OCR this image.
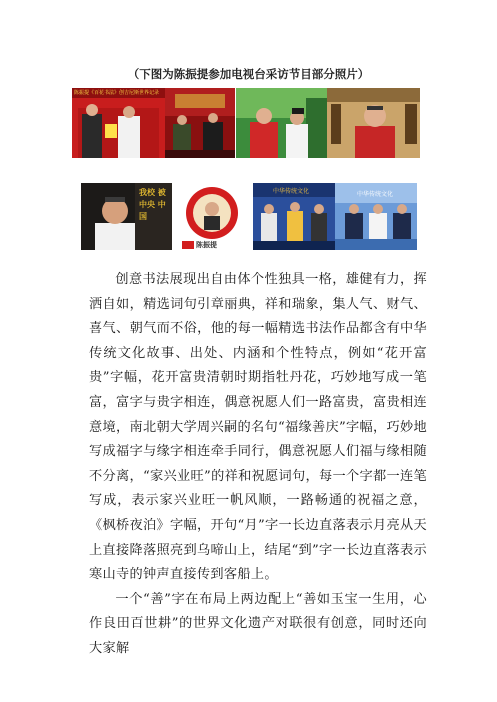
（下图为陈振提参加电视台采访节目部分照片）
陈振提《百花书法》创吉尼斯世界记录
我校 被中央 中国
陈振提
中华传统文化	中华传统文化

创意书法展现出自由体个性独具一格，雄健有力，挥洒自如，精选词句引章丽典，祥和瑞象，集人气、财气、喜气、朝气而不俗，他的每一幅精选书法作品都含有中华传统文化故事、出处、内涵和个性特点，例如“花开富贵”字幅，花开富贵清朝时期指牡丹花，巧妙地写成一笔富，富字与贵字相连，偶意祝愿人们一路富贵，富贵相连意境，南北朝大学周兴嗣的名句“福缘善庆”字幅，巧妙地写成福字与缘字相连牵手同行，偶意祝愿人们福与缘相随不分离，“家兴业旺”的祥和祝愿词句，每一个字都一连笔写成，表示家兴业旺一帆风顺，一路畅通的祝福之意，《枫桥夜泊》字幅，开句“月”字一长边直落表示月亮从天上直接降落照亮到乌啼山上，结尾“到”字一长边直落表示寒山寺的钟声直接传到客船上。

一个“善”字在布局上两边配上“善如玉宝一生用，心作良田百世耕”的世界文化遗产对联很有创意，同时还向大家解
